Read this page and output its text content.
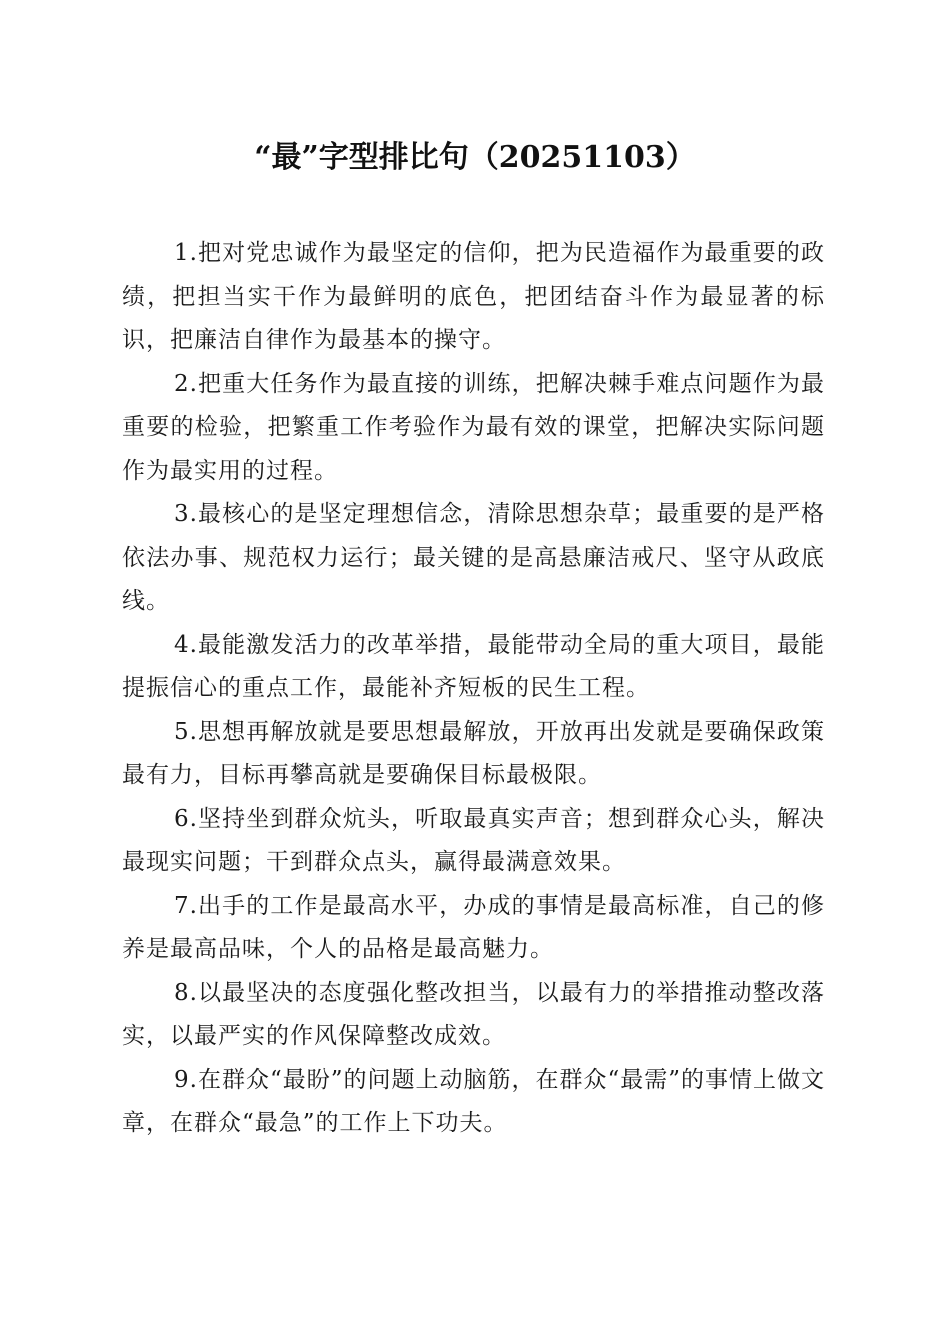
“最”字型排比句（20251103）

1.把对党忠诚作为最坚定的信仰，把为民造福作为最重要的政绩，把担当实干作为最鲜明的底色，把团结奋斗作为最显著的标识，把廉洁自律作为最基本的操守。

2.把重大任务作为最直接的训练，把解决棘手难点问题作为最重要的检验，把繁重工作考验作为最有效的课堂，把解决实际问题作为最实用的过程。

3.最核心的是坚定理想信念，清除思想杂草；最重要的是严格依法办事、规范权力运行；最关键的是高悬廉洁戒尺、坚守从政底线。

4.最能激发活力的改革举措，最能带动全局的重大项目，最能提振信心的重点工作，最能补齐短板的民生工程。

5.思想再解放就是要思想最解放，开放再出发就是要确保政策最有力，目标再攀高就是要确保目标最极限。

6.坚持坐到群众炕头，听取最真实声音；想到群众心头，解决最现实问题；干到群众点头，赢得最满意效果。

7.出手的工作是最高水平，办成的事情是最高标准，自己的修养是最高品味，个人的品格是最高魅力。

8.以最坚决的态度强化整改担当，以最有力的举措推动整改落实，以最严实的作风保障整改成效。

9.在群众“最盼”的问题上动脑筋，在群众“最需”的事情上做文章，在群众“最急”的工作上下功夫。
